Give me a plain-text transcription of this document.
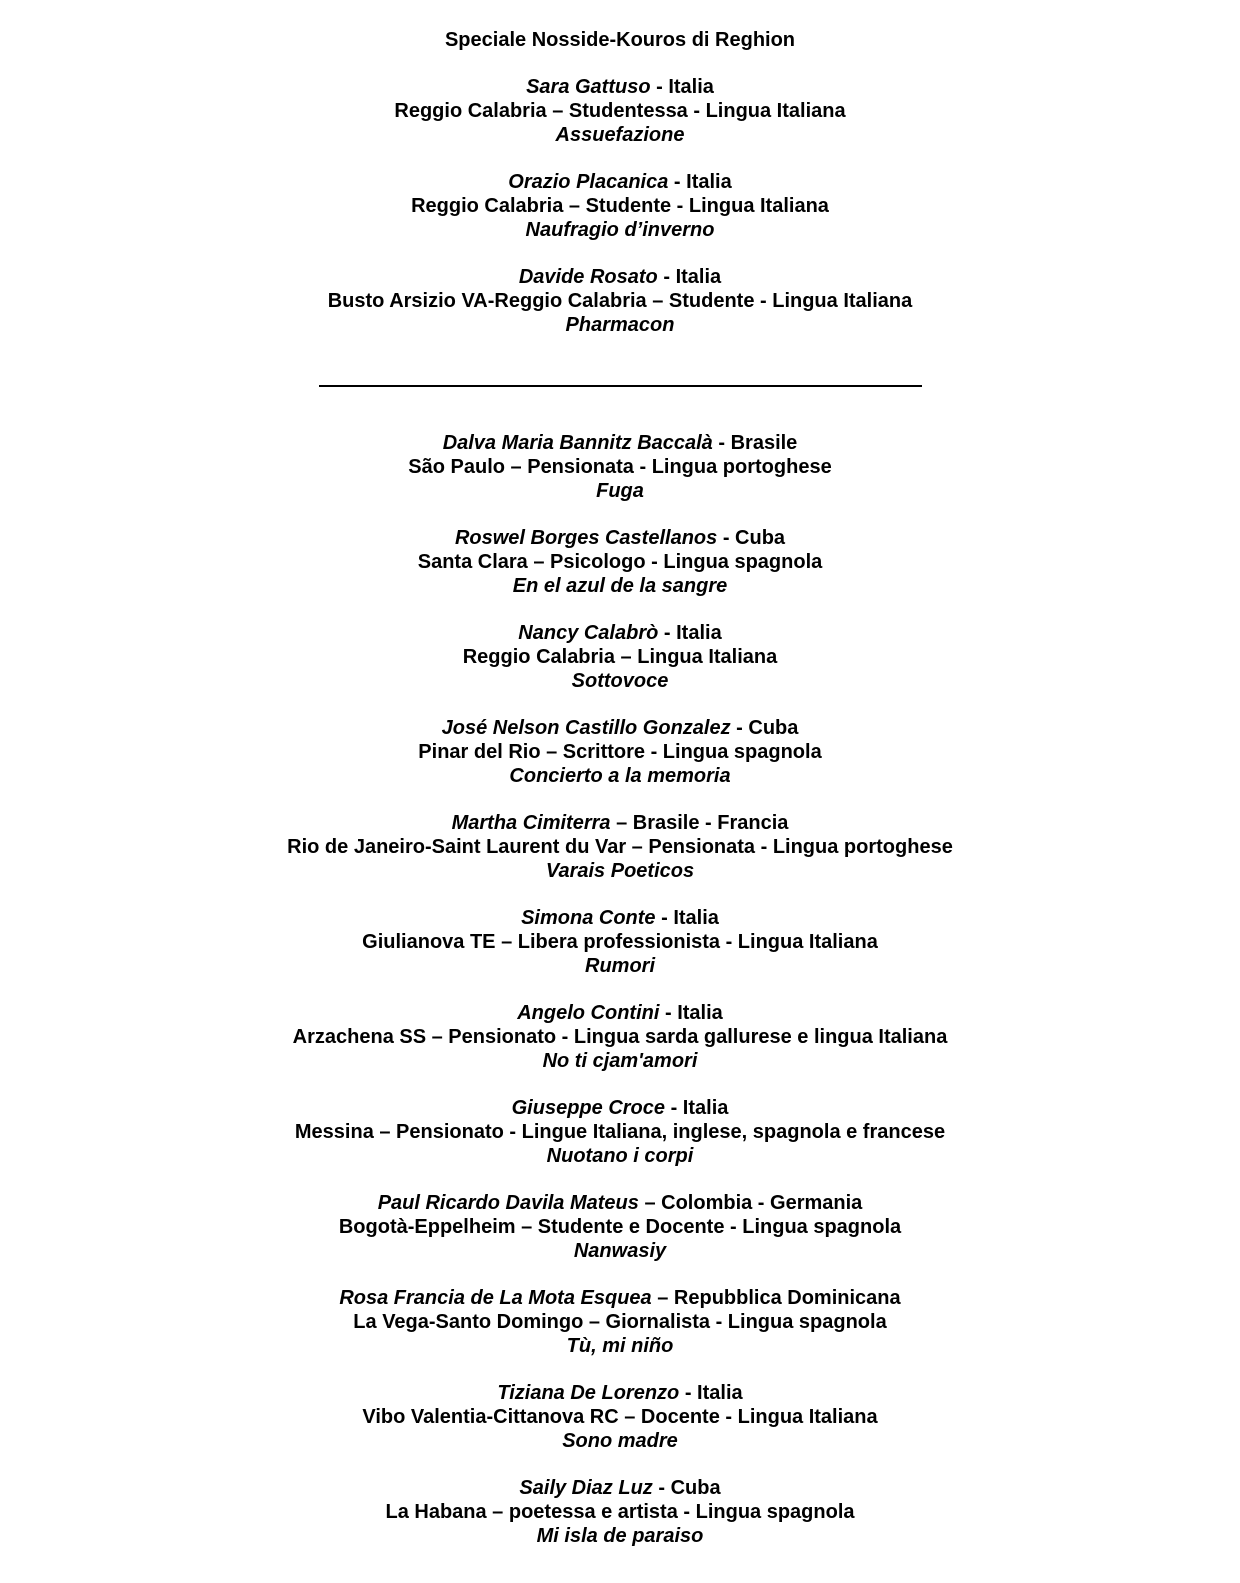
Speciale Nosside-Kouros di Reghion
Sara Gattuso - Italia
Reggio Calabria – Studentessa - Lingua Italiana
Assuefazione
Orazio Placanica - Italia
Reggio Calabria – Studente - Lingua Italiana
Naufragio d’inverno
Davide Rosato - Italia
Busto Arsizio VA-Reggio Calabria – Studente - Lingua Italiana
Pharmacon
Dalva Maria Bannitz Baccalà - Brasile
São Paulo – Pensionata - Lingua portoghese
Fuga
Roswel Borges Castellanos - Cuba
Santa Clara – Psicologo - Lingua spagnola
En el azul de la sangre
Nancy Calabrò - Italia
Reggio Calabria – Lingua Italiana
Sottovoce
José Nelson Castillo Gonzalez - Cuba
Pinar del Rio – Scrittore - Lingua spagnola
Concierto a la memoria
Martha Cimiterra – Brasile - Francia
Rio de Janeiro-Saint Laurent du Var – Pensionata - Lingua portoghese
Varais Poeticos
Simona Conte - Italia
Giulianova TE – Libera professionista - Lingua Italiana
Rumori
Angelo Contini - Italia
Arzachena SS – Pensionato - Lingua sarda gallurese e lingua Italiana
No ti cjam'amori
Giuseppe Croce - Italia
Messina – Pensionato - Lingue Italiana, inglese, spagnola e francese
Nuotano i corpi
Paul Ricardo Davila Mateus – Colombia - Germania
Bogotà-Eppelheim – Studente e Docente - Lingua spagnola
Nanwasiy
Rosa Francia de La Mota Esquea – Repubblica Dominicana
La Vega-Santo Domingo – Giornalista - Lingua spagnola
Tù, mi niño
Tiziana De Lorenzo - Italia
Vibo Valentia-Cittanova RC – Docente - Lingua Italiana
Sono madre
Saily Diaz Luz - Cuba
La Habana – poetessa e artista - Lingua spagnola
Mi isla de paraiso
